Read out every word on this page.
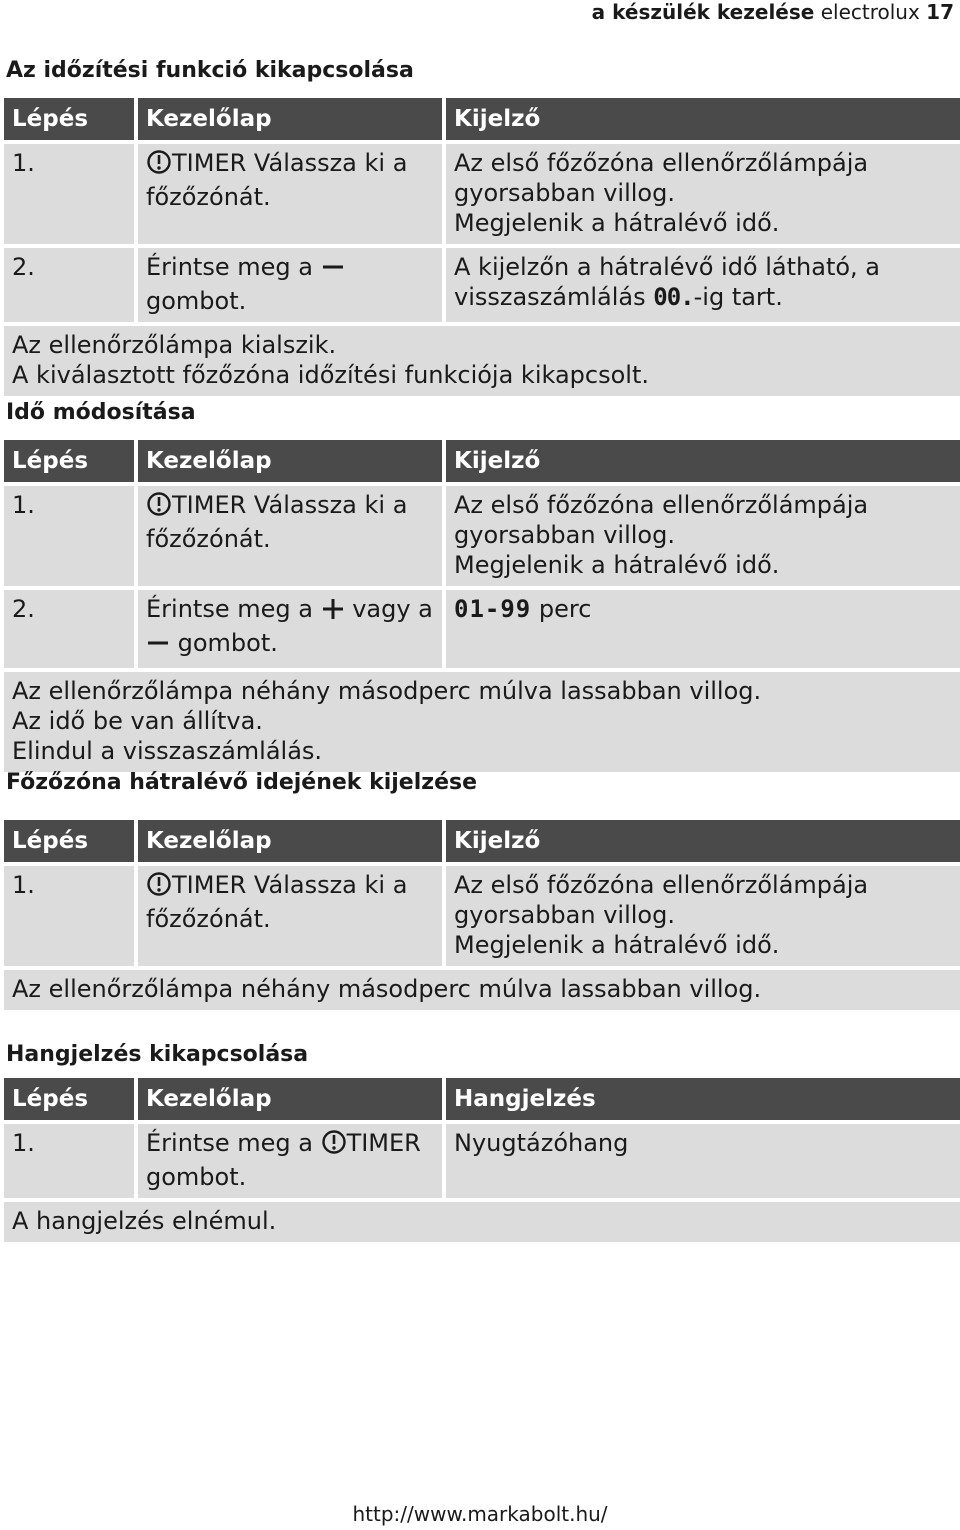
a készülék kezelése electrolux 17
Az időzítési funkció kikapcsolása
Lépés	Kezelőlap	Kijelző
1.	TIMER Válassza ki a főzőzónát.	Az első főzőzóna ellenőrzőlámpája
gyorsabban villog.
Megjelenik a hátralévő idő.

2.	Érintse meg a  gombot.	A kijelzőn a hátralévő idő látható, a
visszaszámlálás 00.-ig tart.

Az ellenőrzőlámpa kialszik.
A kiválasztott főzőzóna időzítési funkciója kikapcsolt.		
Idő módosítása
Lépés	Kezelőlap	Kijelző
1.	TIMER Válassza ki a főzőzónát.	Az első főzőzóna ellenőrzőlámpája
gyorsabban villog.
Megjelenik a hátralévő idő.

2.	Érintse meg a  vagy a
gombot.	01-99 perc

Az ellenőrzőlámpa néhány másodperc múlva lassabban villog.
Az idő be van állítva.
Elindul a visszaszámlálás.		
Főzőzóna hátralévő idejének kijelzése
Lépés	Kezelőlap	Kijelző
1.	TIMER Válassza ki a főzőzónát.	Az első főzőzóna ellenőrzőlámpája
gyorsabban villog.
Megjelenik a hátralévő idő.

Az ellenőrzőlámpa néhány másodperc múlva lassabban villog.		
Hangjelzés kikapcsolása
Lépés	Kezelőlap	Hangjelzés
1.	Érintse meg a TIMER
gombot.	Nyugtázóhang

A hangjelzés elnémul.		
http://www.markabolt.hu/
